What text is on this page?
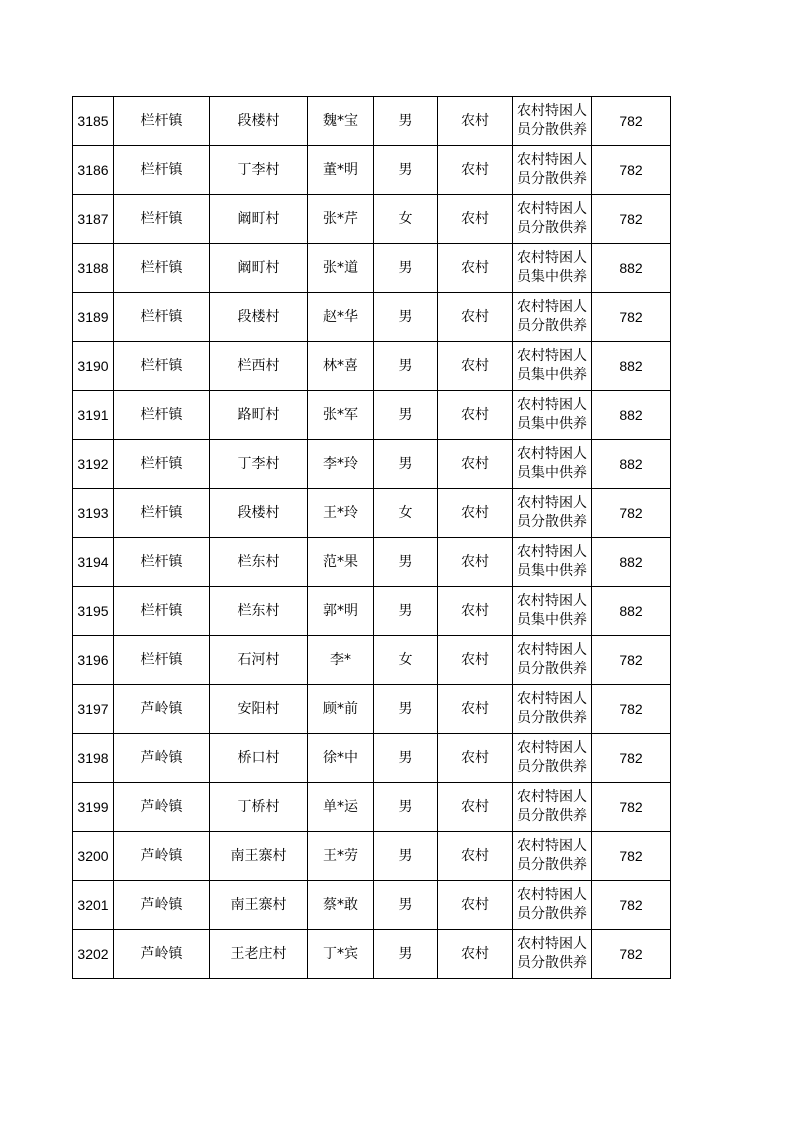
3185	栏杆镇	段楼村	魏*宝	男	农村	农村特困人员分散供养	782
3186	栏杆镇	丁李村	董*明	男	农村	农村特困人员分散供养	782
3187	栏杆镇	阚町村	张*芹	女	农村	农村特困人员分散供养	782
3188	栏杆镇	阚町村	张*道	男	农村	农村特困人员集中供养	882
3189	栏杆镇	段楼村	赵*华	男	农村	农村特困人员分散供养	782
3190	栏杆镇	栏西村	林*喜	男	农村	农村特困人员集中供养	882
3191	栏杆镇	路町村	张*军	男	农村	农村特困人员集中供养	882
3192	栏杆镇	丁李村	李*玲	男	农村	农村特困人员集中供养	882
3193	栏杆镇	段楼村	王*玲	女	农村	农村特困人员分散供养	782
3194	栏杆镇	栏东村	范*果	男	农村	农村特困人员集中供养	882
3195	栏杆镇	栏东村	郭*明	男	农村	农村特困人员集中供养	882
3196	栏杆镇	石河村	李*	女	农村	农村特困人员分散供养	782
3197	芦岭镇	安阳村	顾*前	男	农村	农村特困人员分散供养	782
3198	芦岭镇	桥口村	徐*中	男	农村	农村特困人员分散供养	782
3199	芦岭镇	丁桥村	单*运	男	农村	农村特困人员分散供养	782
3200	芦岭镇	南王寨村	王*劳	男	农村	农村特困人员分散供养	782
3201	芦岭镇	南王寨村	蔡*敢	男	农村	农村特困人员分散供养	782
3202	芦岭镇	王老庄村	丁*宾	男	农村	农村特困人员分散供养	782
